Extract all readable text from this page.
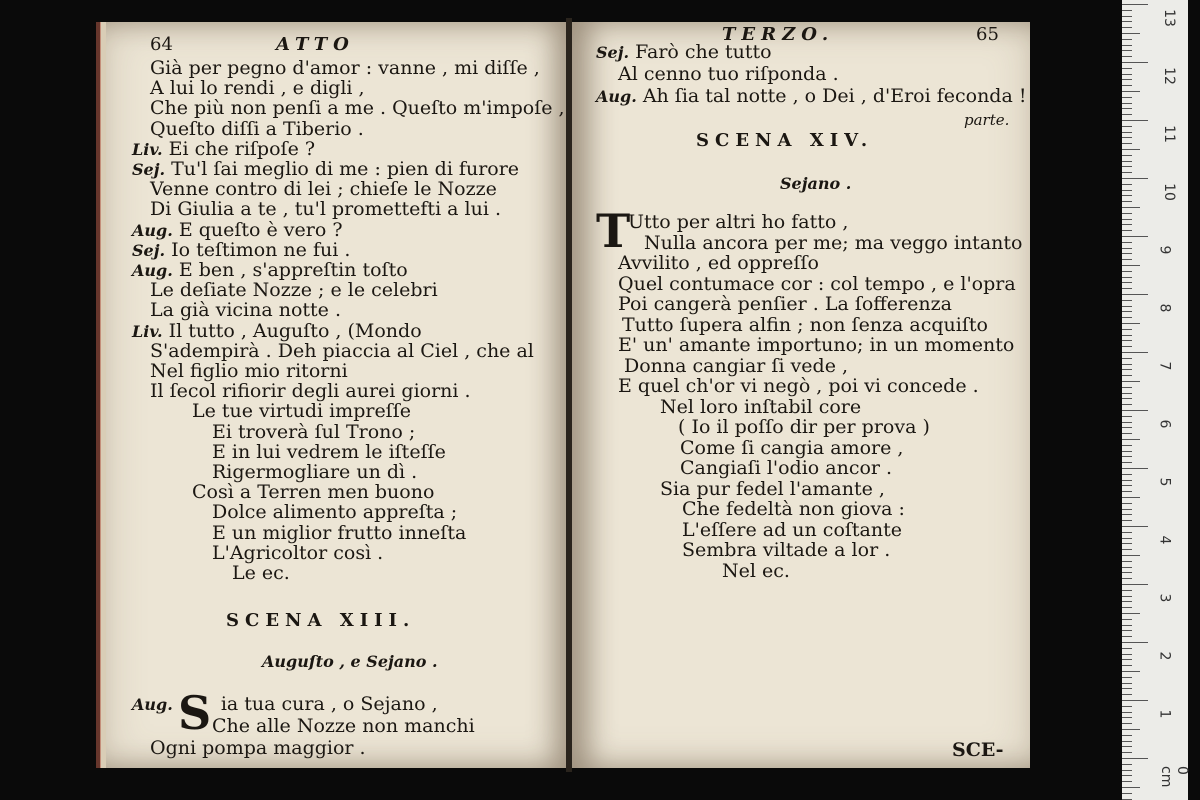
64	ATTO
Già per pegno d'amor : vanne , mi diſſe ,
A lui lo rendi , e digli ,
Che più non penſi a me . Queſto m'impoſe ,
Queſto diſſi a Tiberio .
Liv. Ei che riſpoſe ?
Sej. Tu'l ſai meglio di me : pien di furore
Venne contro di lei ; chieſe le Nozze
Di Giulia a te , tu'l promettefti a lui .
Aug. E queſto è vero ?
Sej. Io teſtimon ne fui .
Aug. E ben , s'appreſtin toſto
Le deſiate Nozze ; e le celebri
La già vicina notte .
Liv. Il tutto , Auguſto , (Mondo
S'adempirà . Deh piaccia al Ciel , che al
Nel figlio mio ritorni
Il ſecol rifiorir degli aurei giorni .
Le tue virtudi impreſſe
Ei troverà ſul Trono ;
E in lui vedrem le iſteſſe
Rigermogliare un dì .
Così a Terren men buono
Dolce alimento appreſta ;
E un miglior frutto inneſta
L'Agricoltor così .
Le ec.
SCENA XIII.
Auguſto , e Sejano .
S
Aug.	ia tua cura , o Sejano ,
Che alle Nozze non manchi
Ogni pompa maggior .
TERZO.	65
Sej. Farò che tutto
Al cenno tuo riſponda .
Aug. Ah ſia tal notte , o Dei , d'Eroi feconda !
parte.
SCENA XIV.
Sejano .
T
Utto per altri ho fatto ,
Nulla ancora per me; ma veggo intanto
Avvilito , ed oppreſſo
Quel contumace cor : col tempo , e l'opra
Poi cangerà penſier . La ſofferenza
Tutto ſupera alfin ; non ſenza acquiſto
E' un' amante importuno; in un momento
Donna cangiar ſi vede ,
E quel ch'or vi negò , poi vi concede .
Nel loro inſtabil core
( Io il poſſo dir per prova )
Come ſi cangia amore ,
Cangiaſi l'odio ancor .
Sia pur fedel l'amante ,
Che fedeltà non giova :
L'eſſere ad un coſtante
Sembra viltade a lor .
Nel ec.
SCE-
0 cm
1
2
3
4
5
6
7
8
9
10
11
12
13
